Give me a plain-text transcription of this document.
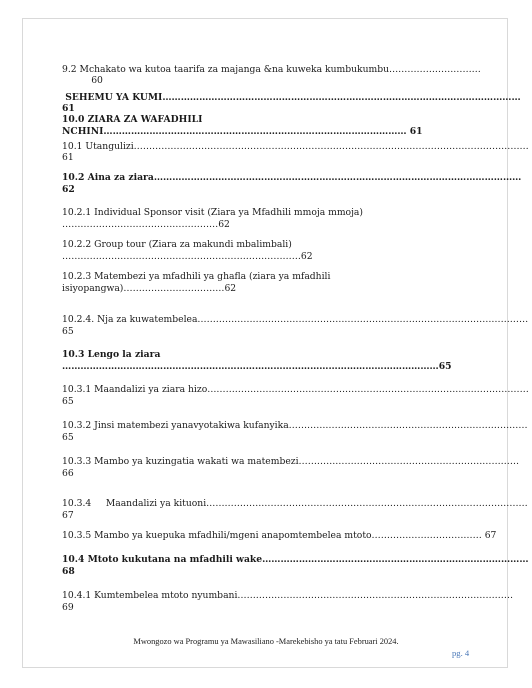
9.2 Mchakato wa kutoa taarifa za majanga &na kuweka kumbukumbu…………………………
60
SEHEMU YA KUMI………………………………………………………………………………………………………
61
10.0 ZIARA ZA WAFADHILI
NCHINI……………………………………………………………………………………… 61
10.1 Utangulizi…………………………………………………………………………………………………………………
61
10.2 Aina za ziara…………………………………………………………………………………………………………
62
10.2.1 Individual Sponsor visit (Ziara ya Mfadhili mmoja mmoja)
……………………………………………62
10.2.2 Group tour (Ziara za makundi mbalimbali)
……………………………………………………………………62
10.2.3 Matembezi ya mfadhili ya ghafla (ziara ya mfadhili
isiyopangwa)……………………………62
10.2.4. Nja za kuwatembelea………………………………………………………………………………………………
65
10.3 Lengo la ziara
……………………………………………………………………………………………………………65
10.3.1 Maandalizi ya ziara hizo……………………………………………………………………………………………
65
10.3.2 Jinsi matembezi yanavyotakiwa kufanyika……………………………………………………………………
65
10.3.3 Mambo ya kuzingatia wakati wa matembezi………………………………………………………………
66
10.3.4     Maandalizi ya kituoni……………………………………………………………………………………………
67
10.3.5 Mambo ya kuepuka mfadhili/mgeni anapomtembelea mtoto……………………………… 67
10.4 Mtoto kukutana na mfadhili wake……………………………………………………………………………
68
10.4.1 Kumtembelea mtoto nyumbani………………………………………………………………………………
69
Mwongozo wa Programu ya Mawasiliano -Marekebisho ya tatu Februari 2024.
pg. 4
